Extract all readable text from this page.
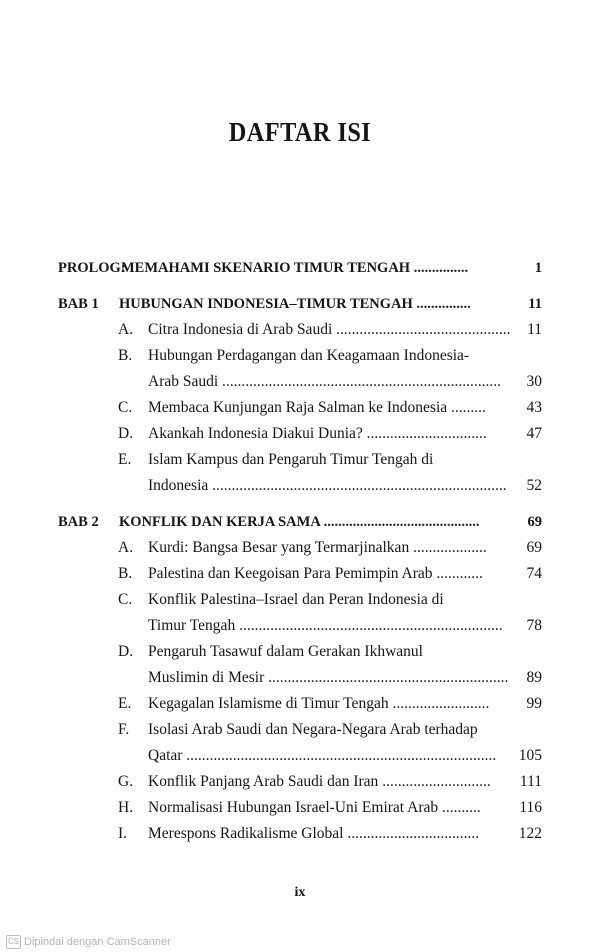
DAFTAR ISI
PROLOG:
MEMAHAMI SKENARIO TIMUR TENGAH ...............	1
BAB 1 HUBUNGAN INDONESIA–TIMUR TENGAH ...............	11
A. Citra Indonesia di Arab Saudi ............................................. 11
B. Hubungan Perdagangan dan Keagamaan Indonesia-
Arab Saudi ........................................................................ 30
C. Membaca Kunjungan Raja Salman ke Indonesia .........	43
D. Akankah Indonesia Diakui Dunia? ...............................	47
E. Islam Kampus dan Pengaruh Timur Tengah di
Indonesia ............................................................................ 52
BAB 2 KONFLIK DAN KERJA SAMA ...........................................	69
A. Kurdi: Bangsa Besar yang Termarjinalkan ...................	69
B. Palestina dan Keegoisan Para Pemimpin Arab ............	74
C. Konflik Palestina–Israel dan Peran Indonesia di
Timur Tengah .................................................................... 78
D. Pengaruh Tasawuf dalam Gerakan Ikhwanul
Muslimin di Mesir .............................................................. 89
E. Kegagalan Islamisme di Timur Tengah ......................... 99
F. Isolasi Arab Saudi dan Negara-Negara Arab terhadap
Qatar ................................................................................ 105
G. Konflik Panjang Arab Saudi dan Iran ............................ 111
H. Normalisasi Hubungan Israel-Uni Emirat Arab .......... 116
I. Merespons Radikalisme Global ..................................	122
ix
CS Dipindai dengan CamScanner
